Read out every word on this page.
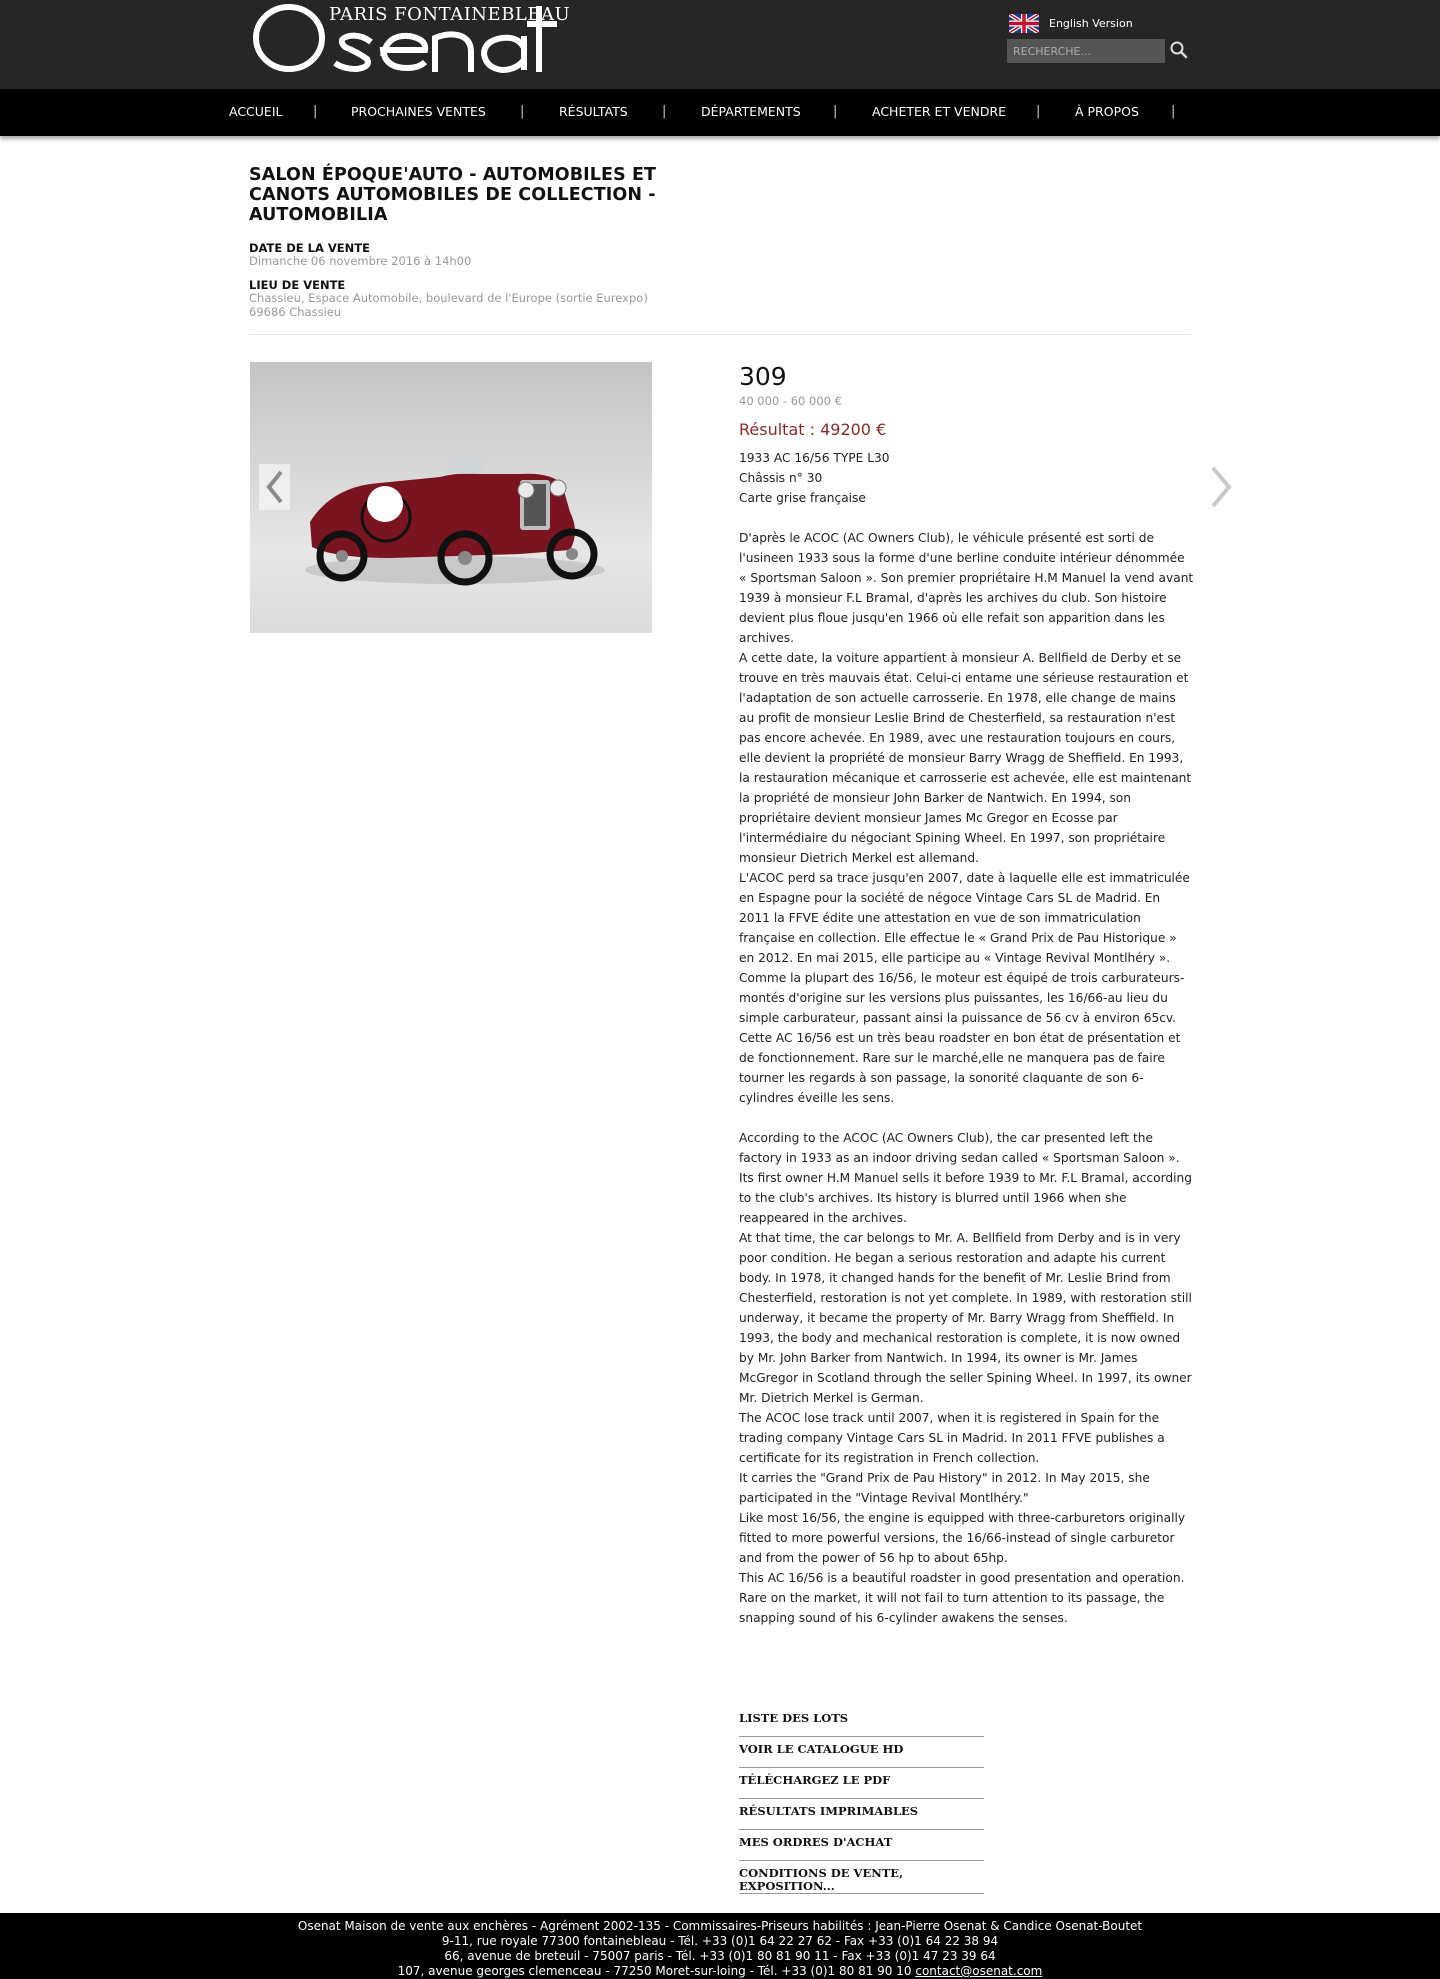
PARIS FONTAINEBLEAU	English Version
RECHERCHE...
ACCUEIL |	PROCHAINES VENTES	|	RÉSULTATS	|	DÉPARTEMENTS |	ACHETER ET VENDRE |	À PROPOS |
SALON ÉPOQUE'AUTO - AUTOMOBILES ET CANOTS AUTOMOBILES DE COLLECTION - AUTOMOBILIA
DATE DE LA VENTE
Dimanche 06 novembre 2016 à 14h00
LIEU DE VENTE
Chassieu, Espace Automobile, boulevard de l'Europe (sortie Eurexpo)
69686 Chassieu
309
40 000 - 60 000 €
Résultat : 49200 €

1933 AC 16/56 TYPE L30

Châssis n° 30

Carte grise française

D'après le ACOC (AC Owners Club), le véhicule présenté est sorti de l'usineen 1933 sous la forme d'une berline conduite intérieur dénommée « Sportsman Saloon ». Son premier propriétaire H.M Manuel la vend avant 1939 à monsieur F.L Bramal, d'après les archives du club. Son histoire devient plus floue jusqu'en 1966 où elle refait son apparition dans les archives.

A cette date, la voiture appartient à monsieur A. Bellfield de Derby et se trouve en très mauvais état. Celui-ci entame une sérieuse restauration et l'adaptation de son actuelle carrosserie. En 1978, elle change de mains au profit de monsieur Leslie Brind de Chesterfield, sa restauration n'est pas encore achevée. En 1989, avec une restauration toujours en cours, elle devient la propriété de monsieur Barry Wragg de Sheffield. En 1993, la restauration mécanique et carrosserie est achevée, elle est maintenant la propriété de monsieur John Barker de Nantwich. En 1994, son propriétaire devient monsieur James Mc Gregor en Ecosse par l'intermédiaire du négociant Spining Wheel. En 1997, son propriétaire monsieur Dietrich Merkel est allemand.

L'ACOC perd sa trace jusqu'en 2007, date à laquelle elle est immatriculée en Espagne pour la société de négoce Vintage Cars SL de Madrid. En 2011 la FFVE édite une attestation en vue de son immatriculation française en collection. Elle effectue le « Grand Prix de Pau Historique » en 2012. En mai 2015, elle participe au « Vintage Revival Montlhéry ».

Comme la plupart des 16/56, le moteur est équipé de trois carburateurs-montés d'origine sur les versions plus puissantes, les 16/66-au lieu du simple carburateur, passant ainsi la puissance de 56 cv à environ 65cv.

Cette AC 16/56 est un très beau roadster en bon état de présentation et de fonctionnement. Rare sur le marché,elle ne manquera pas de faire tourner les regards à son passage, la sonorité claquante de son 6-cylindres éveille les sens.

According to the ACOC (AC Owners Club), the car presented left the factory in 1933 as an indoor driving sedan called « Sportsman Saloon ». Its first owner H.M Manuel sells it before 1939 to Mr. F.L Bramal, according to the club's archives. Its history is blurred until 1966 when she reappeared in the archives.

At that time, the car belongs to Mr. A. Bellfield from Derby and is in very poor condition. He began a serious restoration and adapte his current body. In 1978, it changed hands for the benefit of Mr. Leslie Brind from Chesterfield, restoration is not yet complete. In 1989, with restoration still underway, it became the property of Mr. Barry Wragg from Sheffield. In 1993, the body and mechanical restoration is complete, it is now owned by Mr. John Barker from Nantwich. In 1994, its owner is Mr. James McGregor in Scotland through the seller Spining Wheel. In 1997, its owner Mr. Dietrich Merkel is German.

The ACOC lose track until 2007, when it is registered in Spain for the trading company Vintage Cars SL in Madrid. In 2011 FFVE publishes a certificate for its registration in French collection.

It carries the "Grand Prix de Pau History" in 2012. In May 2015, she participated in the "Vintage Revival Montlhéry."

Like most 16/56, the engine is equipped with three-carburetors originally fitted to more powerful versions, the 16/66-instead of single carburetor and from the power of 56 hp to about 65hp.

This AC 16/56 is a beautiful roadster in good presentation and operation. Rare on the market, it will not fail to turn attention to its passage, the snapping sound of his 6-cylinder awakens the senses.

LISTE DES LOTS
VOIR LE CATALOGUE HD
TÉLÉCHARGEZ LE PDF
RÉSULTATS IMPRIMABLES
MES ORDRES D'ACHAT
CONDITIONS DE VENTE, EXPOSITION...
Osenat Maison de vente aux enchères - Agrément 2002-135 - Commissaires-Priseurs habilités : Jean-Pierre Osenat & Candice Osenat-Boutet
9-11, rue royale 77300 fontainebleau - Tél. +33 (0)1 64 22 27 62 - Fax +33 (0)1 64 22 38 94
66, avenue de breteuil - 75007 paris - Tél. +33 (0)1 80 81 90 11 - Fax +33 (0)1 47 23 39 64
107, avenue georges clemenceau - 77250 Moret-sur-loing - Tél. +33 (0)1 80 81 90 10 contact@osenat.com
